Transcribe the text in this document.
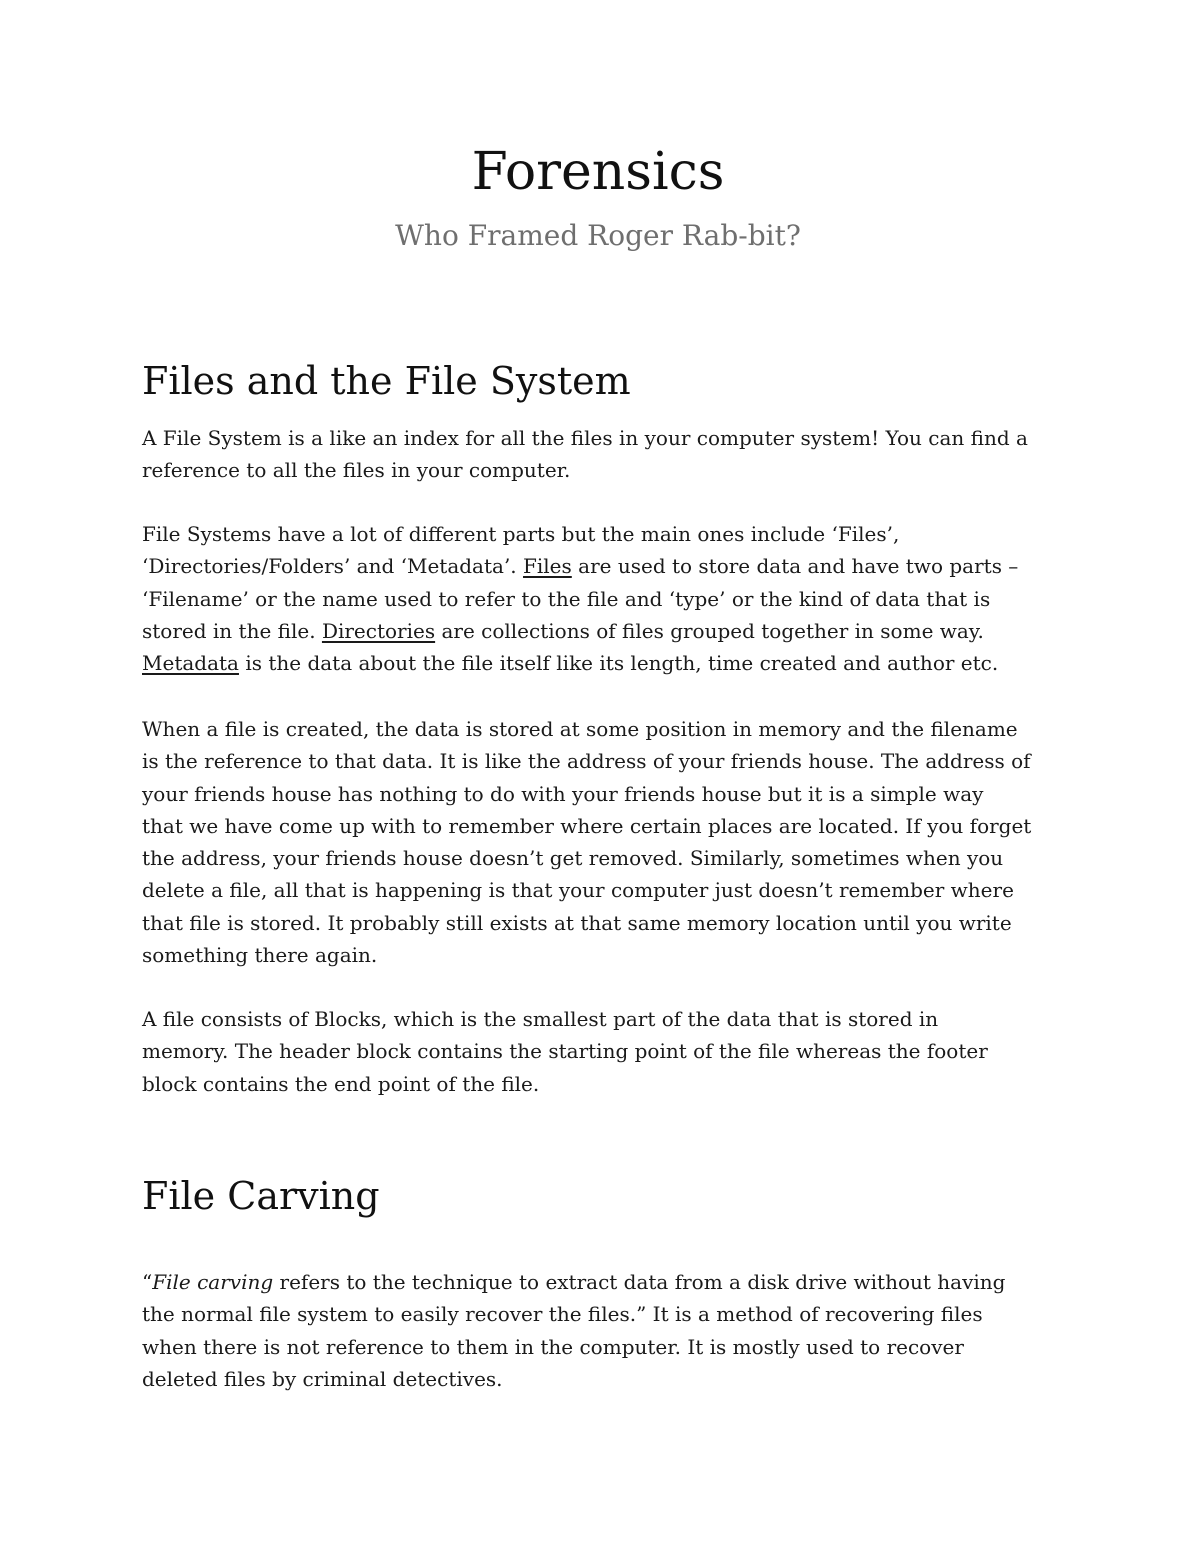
Forensics
Who Framed Roger Rab-bit?
Files and the File System

A File System is a like an index for all the files in your computer system! You can find a
reference to all the files in your computer.

File Systems have a lot of different parts but the main ones include ‘Files’,
‘Directories/Folders’ and ‘Metadata’. Files are used to store data and have two parts –
‘Filename’ or the name used to refer to the file and ‘type’ or the kind of data that is
stored in the file. Directories are collections of files grouped together in some way.
Metadata is the data about the file itself like its length, time created and author etc.

When a file is created, the data is stored at some position in memory and the filename
is the reference to that data. It is like the address of your friends house. The address of
your friends house has nothing to do with your friends house but it is a simple way
that we have come up with to remember where certain places are located. If you forget
the address, your friends house doesn’t get removed. Similarly, sometimes when you
delete a file, all that is happening is that your computer just doesn’t remember where
that file is stored. It probably still exists at that same memory location until you write
something there again.

A file consists of Blocks, which is the smallest part of the data that is stored in
memory. The header block contains the starting point of the file whereas the footer
block contains the end point of the file.

File Carving

“File carving refers to the technique to extract data from a disk drive without having
the normal file system to easily recover the files.” It is a method of recovering files
when there is not reference to them in the computer. It is mostly used to recover
deleted files by criminal detectives.
